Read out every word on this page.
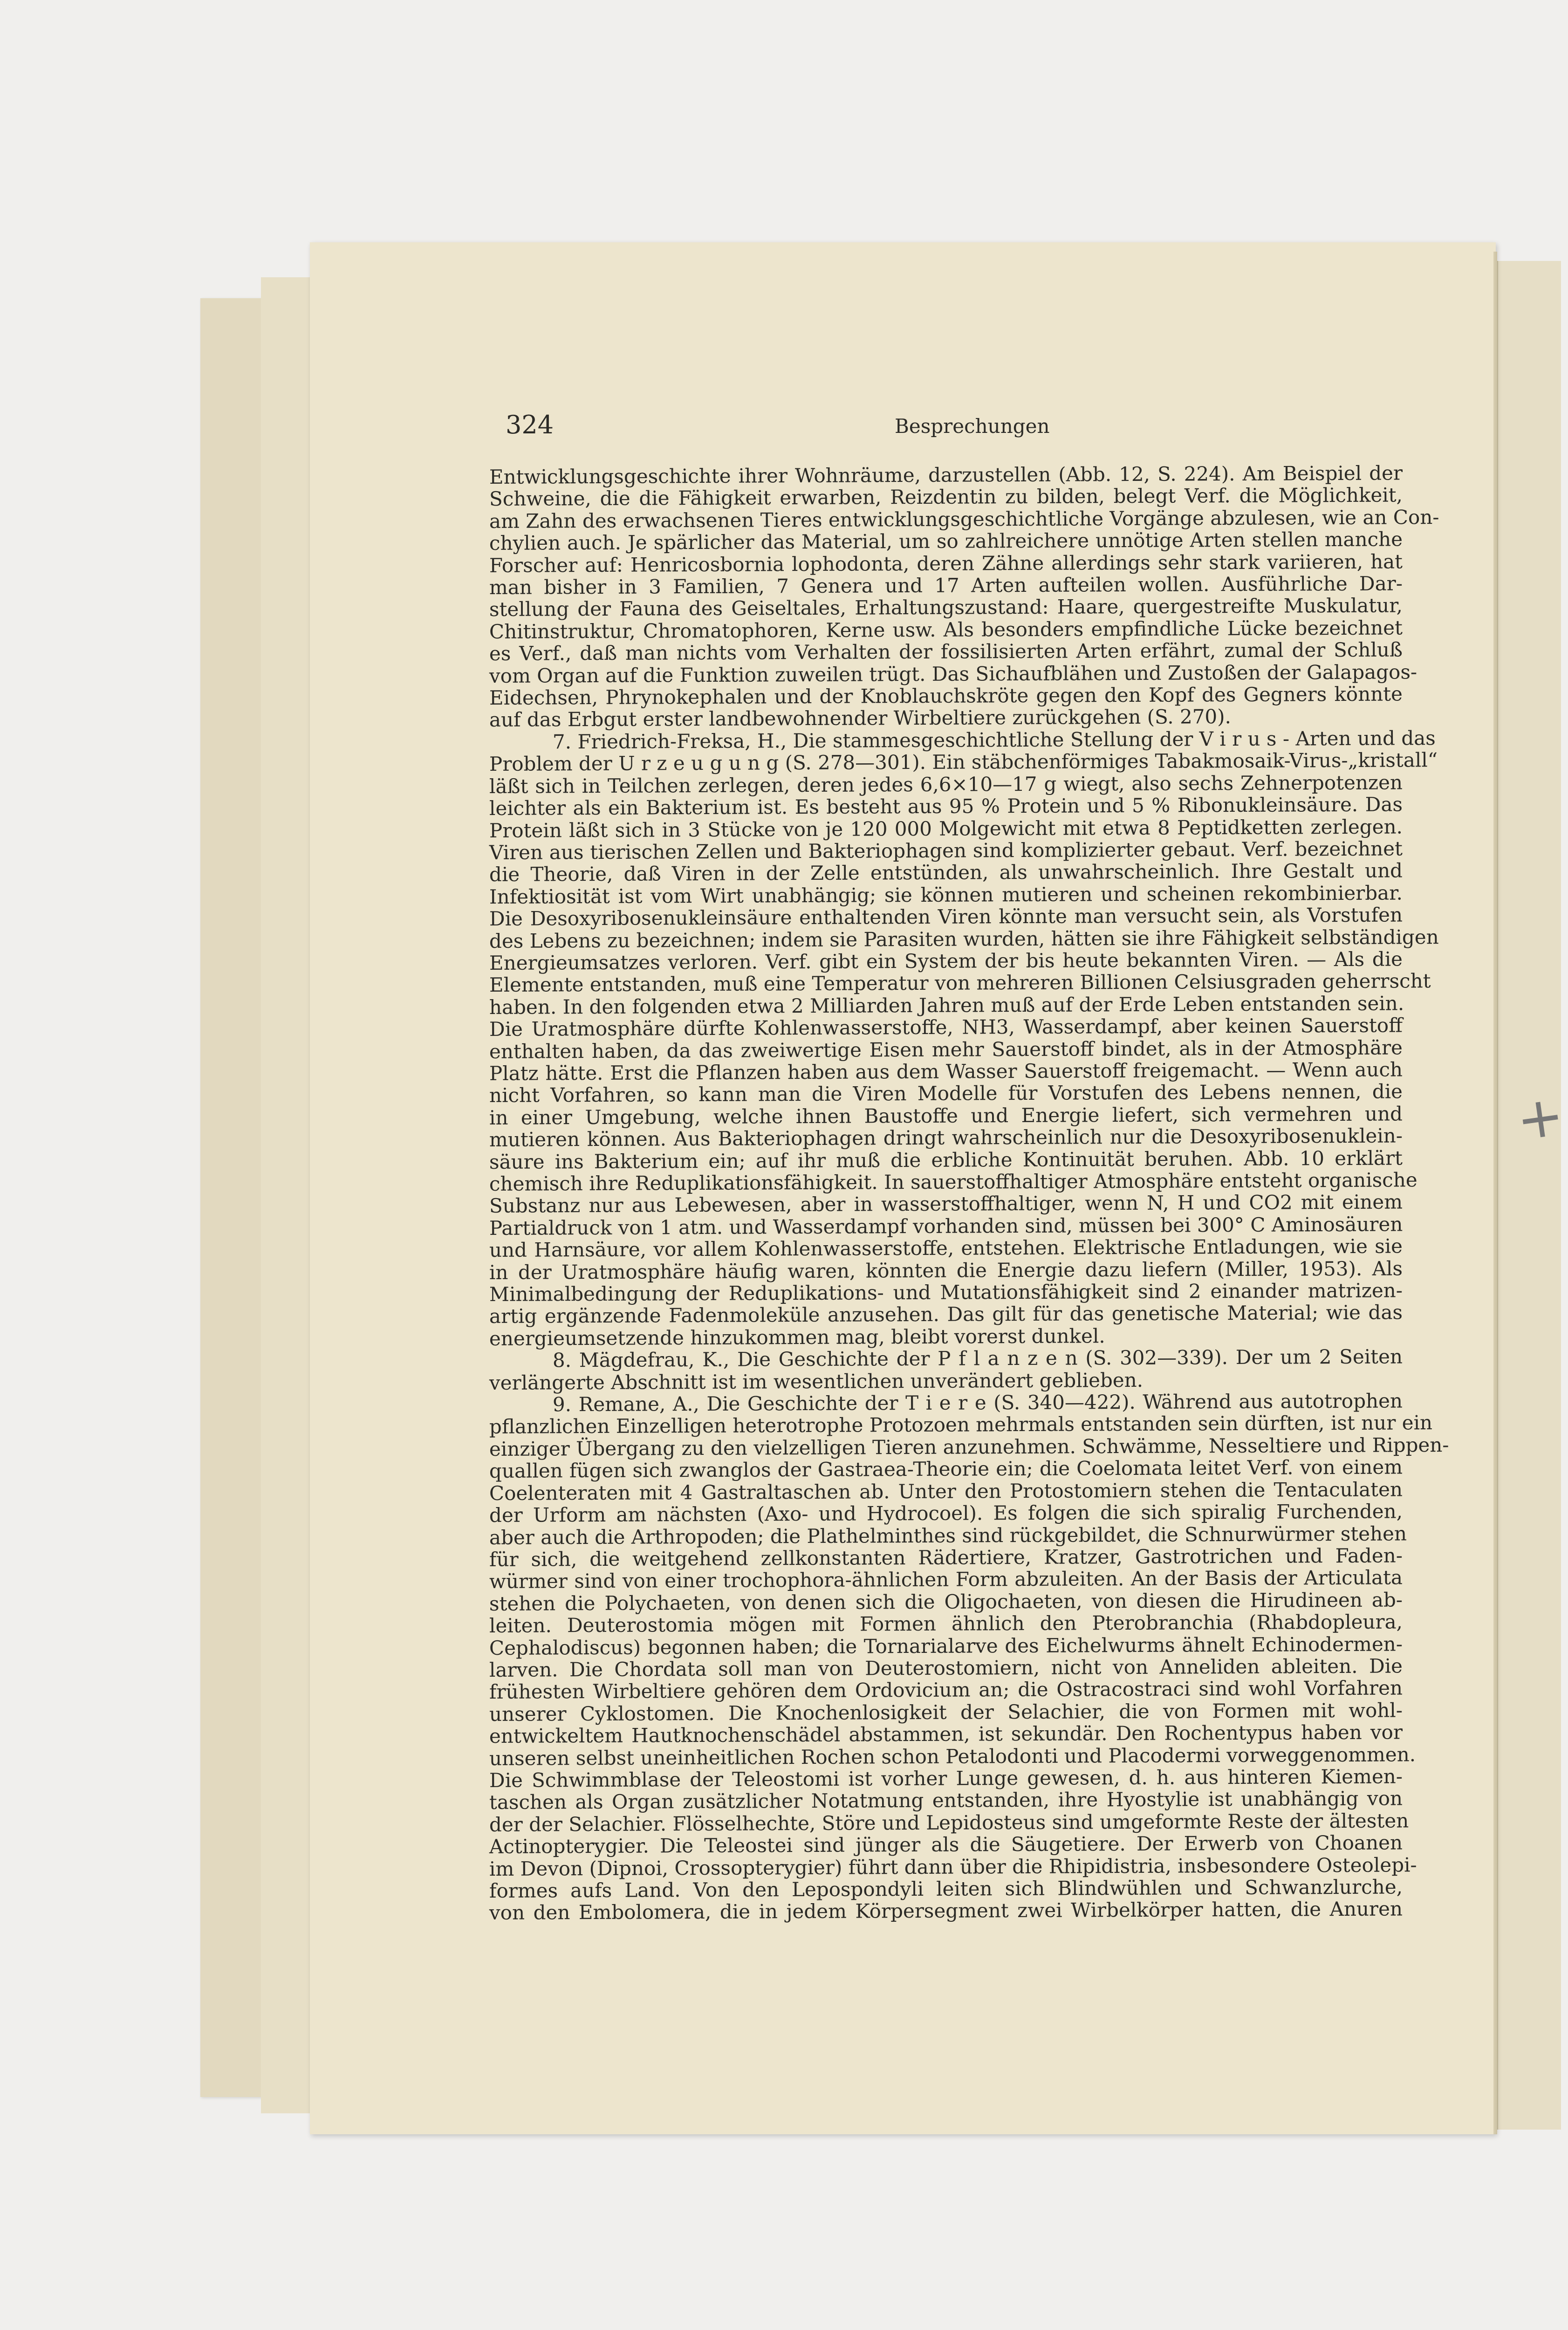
+
324	Besprechungen
Entwicklungsgeschichte ihrer Wohnräume, darzustellen (Abb. 12, S. 224). Am Beispiel der
Schweine, die die Fähigkeit erwarben, Reizdentin zu bilden, belegt Verf. die Möglichkeit,
am Zahn des erwachsenen Tieres entwicklungsgeschichtliche Vorgänge abzulesen, wie an Con-
chylien auch. Je spärlicher das Material, um so zahlreichere unnötige Arten stellen manche
Forscher auf: Henricosbornia lophodonta, deren Zähne allerdings sehr stark variieren, hat
man bisher in 3 Familien, 7 Genera und 17 Arten aufteilen wollen. Ausführliche Dar-
stellung der Fauna des Geiseltales, Erhaltungszustand: Haare, quergestreifte Muskulatur,
Chitinstruktur, Chromatophoren, Kerne usw. Als besonders empfindliche Lücke bezeichnet
es Verf., daß man nichts vom Verhalten der fossilisierten Arten erfährt, zumal der Schluß
vom Organ auf die Funktion zuweilen trügt. Das Sichaufblähen und Zustoßen der Galapagos-
Eidechsen, Phrynokephalen und der Knoblauchskröte gegen den Kopf des Gegners könnte
auf das Erbgut erster landbewohnender Wirbeltiere zurückgehen (S. 270).
7. Friedrich-Freksa, H., Die stammesgeschichtliche Stellung der V i r u s - Arten und das
Problem der U r z e u g u n g (S. 278—301). Ein stäbchenförmiges Tabakmosaik-Virus-„kristall“
läßt sich in Teilchen zerlegen, deren jedes 6,6×10—17 g wiegt, also sechs Zehnerpotenzen
leichter als ein Bakterium ist. Es besteht aus 95 % Protein und 5 % Ribonukleinsäure. Das
Protein läßt sich in 3 Stücke von je 120 000 Molgewicht mit etwa 8 Peptidketten zerlegen.
Viren aus tierischen Zellen und Bakteriophagen sind komplizierter gebaut. Verf. bezeichnet
die Theorie, daß Viren in der Zelle entstünden, als unwahrscheinlich. Ihre Gestalt und
Infektiosität ist vom Wirt unabhängig; sie können mutieren und scheinen rekombinierbar.
Die Desoxyribosenukleinsäure enthaltenden Viren könnte man versucht sein, als Vorstufen
des Lebens zu bezeichnen; indem sie Parasiten wurden, hätten sie ihre Fähigkeit selbständigen
Energieumsatzes verloren. Verf. gibt ein System der bis heute bekannten Viren. — Als die
Elemente entstanden, muß eine Temperatur von mehreren Billionen Celsiusgraden geherrscht
haben. In den folgenden etwa 2 Milliarden Jahren muß auf der Erde Leben entstanden sein.
Die Uratmosphäre dürfte Kohlenwasserstoffe, NH3, Wasserdampf, aber keinen Sauerstoff
enthalten haben, da das zweiwertige Eisen mehr Sauerstoff bindet, als in der Atmosphäre
Platz hätte. Erst die Pflanzen haben aus dem Wasser Sauerstoff freigemacht. — Wenn auch
nicht Vorfahren, so kann man die Viren Modelle für Vorstufen des Lebens nennen, die
in einer Umgebung, welche ihnen Baustoffe und Energie liefert, sich vermehren und
mutieren können. Aus Bakteriophagen dringt wahrscheinlich nur die Desoxyribosenuklein-
säure ins Bakterium ein; auf ihr muß die erbliche Kontinuität beruhen. Abb. 10 erklärt
chemisch ihre Reduplikationsfähigkeit. In sauerstoffhaltiger Atmosphäre entsteht organische
Substanz nur aus Lebewesen, aber in wasserstoffhaltiger, wenn N, H und CO2 mit einem
Partialdruck von 1 atm. und Wasserdampf vorhanden sind, müssen bei 300° C Aminosäuren
und Harnsäure, vor allem Kohlenwasserstoffe, entstehen. Elektrische Entladungen, wie sie
in der Uratmosphäre häufig waren, könnten die Energie dazu liefern (Miller, 1953). Als
Minimalbedingung der Reduplikations- und Mutationsfähigkeit sind 2 einander matrizen-
artig ergänzende Fadenmoleküle anzusehen. Das gilt für das genetische Material; wie das
energieumsetzende hinzukommen mag, bleibt vorerst dunkel.
8. Mägdefrau, K., Die Geschichte der P f l a n z e n (S. 302—339). Der um 2 Seiten
verlängerte Abschnitt ist im wesentlichen unverändert geblieben.
9. Remane, A., Die Geschichte der T i e r e (S. 340—422). Während aus autotrophen
pflanzlichen Einzelligen heterotrophe Protozoen mehrmals entstanden sein dürften, ist nur ein
einziger Übergang zu den vielzelligen Tieren anzunehmen. Schwämme, Nesseltiere und Rippen-
quallen fügen sich zwanglos der Gastraea-Theorie ein; die Coelomata leitet Verf. von einem
Coelenteraten mit 4 Gastraltaschen ab. Unter den Protostomiern stehen die Tentaculaten
der Urform am nächsten (Axo- und Hydrocoel). Es folgen die sich spiralig Furchenden,
aber auch die Arthropoden; die Plathelminthes sind rückgebildet, die Schnurwürmer stehen
für sich, die weitgehend zellkonstanten Rädertiere, Kratzer, Gastrotrichen und Faden-
würmer sind von einer trochophora-ähnlichen Form abzuleiten. An der Basis der Articulata
stehen die Polychaeten, von denen sich die Oligochaeten, von diesen die Hirudineen ab-
leiten. Deuterostomia mögen mit Formen ähnlich den Pterobranchia (Rhabdopleura,
Cephalodiscus) begonnen haben; die Tornarialarve des Eichelwurms ähnelt Echinodermen-
larven. Die Chordata soll man von Deuterostomiern, nicht von Anneliden ableiten. Die
frühesten Wirbeltiere gehören dem Ordovicium an; die Ostracostraci sind wohl Vorfahren
unserer Cyklostomen. Die Knochenlosigkeit der Selachier, die von Formen mit wohl-
entwickeltem Hautknochenschädel abstammen, ist sekundär. Den Rochentypus haben vor
unseren selbst uneinheitlichen Rochen schon Petalodonti und Placodermi vorweggenommen.
Die Schwimmblase der Teleostomi ist vorher Lunge gewesen, d. h. aus hinteren Kiemen-
taschen als Organ zusätzlicher Notatmung entstanden, ihre Hyostylie ist unabhängig von
der der Selachier. Flösselhechte, Störe und Lepidosteus sind umgeformte Reste der ältesten
Actinopterygier. Die Teleostei sind jünger als die Säugetiere. Der Erwerb von Choanen
im Devon (Dipnoi, Crossopterygier) führt dann über die Rhipidistria, insbesondere Osteolepi-
formes aufs Land. Von den Lepospondyli leiten sich Blindwühlen und Schwanzlurche,
von den Embolomera, die in jedem Körpersegment zwei Wirbelkörper hatten, die Anuren
